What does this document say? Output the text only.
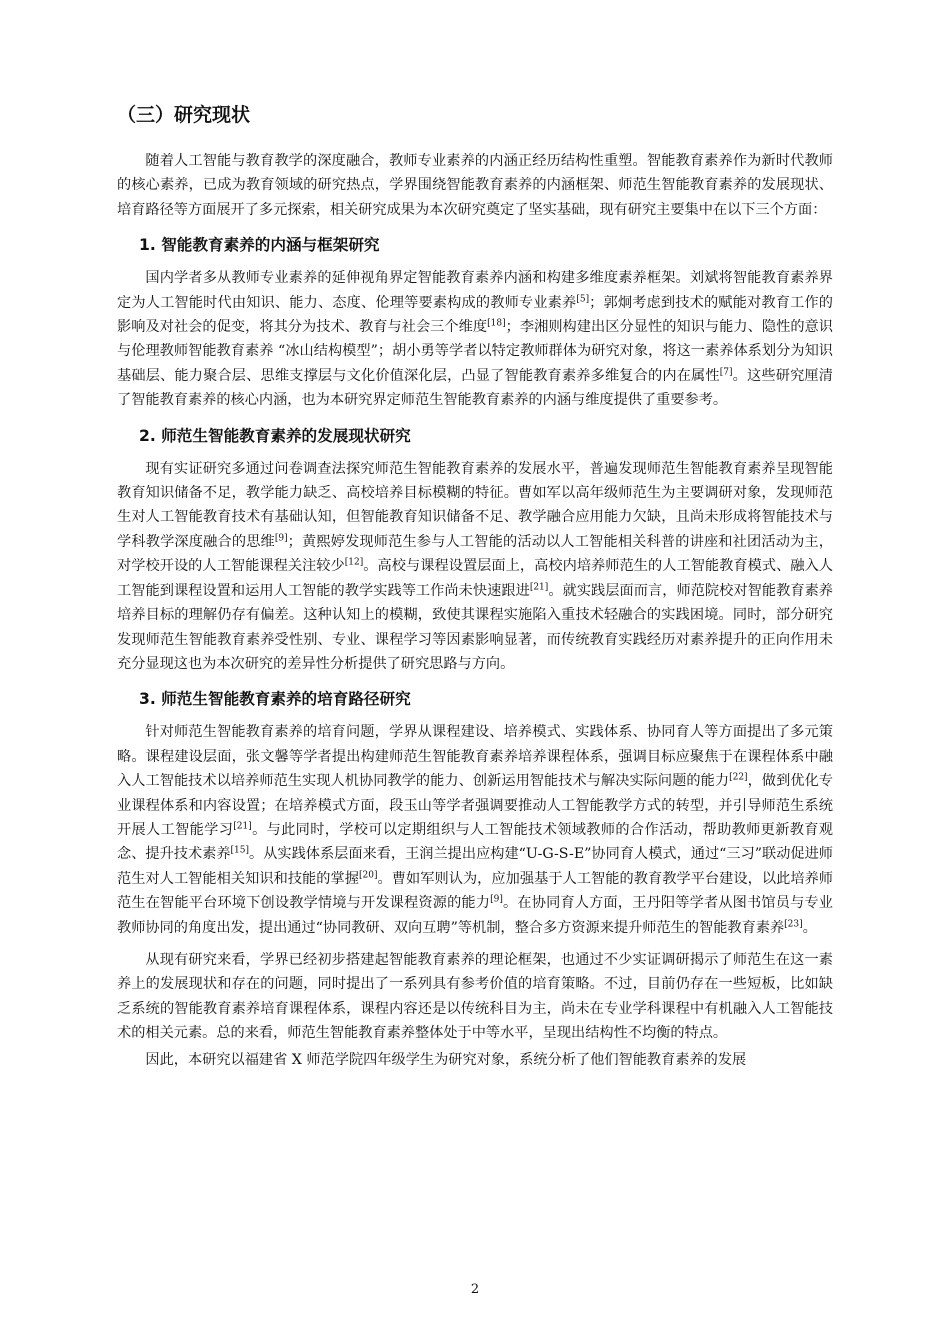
（三）研究现状

随着人工智能与教育教学的深度融合，教师专业素养的内涵正经历结构性重塑。智能教育素养作为新时代教师的核心素养，已成为教育领域的研究热点，学界围绕智能教育素养的内涵框架、师范生智能教育素养的发展现状、培育路径等方面展开了多元探索，相关研究成果为本次研究奠定了坚实基础，现有研究主要集中在以下三个方面：

1. 智能教育素养的内涵与框架研究

国内学者多从教师专业素养的延伸视角界定智能教育素养内涵和构建多维度素养框架。刘斌将智能教育素养界定为人工智能时代由知识、能力、态度、伦理等要素构成的教师专业素养[5]；郭炯考虑到技术的赋能对教育工作的影响及对社会的促变，将其分为技术、教育与社会三个维度[18]；李湘则构建出区分显性的知识与能力、隐性的意识与伦理教师智能教育素养 “冰山结构模型”；胡小勇等学者以特定教师群体为研究对象，将这一素养体系划分为知识基础层、能力聚合层、思维支撑层与文化价值深化层，凸显了智能教育素养多维复合的内在属性[7]。这些研究厘清了智能教育素养的核心内涵，也为本研究界定师范生智能教育素养的内涵与维度提供了重要参考。

2. 师范生智能教育素养的发展现状研究

现有实证研究多通过问卷调查法探究师范生智能教育素养的发展水平，普遍发现师范生智能教育素养呈现智能教育知识储备不足，教学能力缺乏、高校培养目标模糊的特征。曹如军以高年级师范生为主要调研对象，发现师范生对人工智能教育技术有基础认知，但智能教育知识储备不足、教学融合应用能力欠缺，且尚未形成将智能技术与学科教学深度融合的思维[9]；黄熙婷发现师范生参与人工智能的活动以人工智能相关科普的讲座和社团活动为主，对学校开设的人工智能课程关注较少[12]。高校与课程设置层面上，高校内培养师范生的人工智能教育模式、融入人工智能到课程设置和运用人工智能的教学实践等工作尚未快速跟进[21]。就实践层面而言，师范院校对智能教育素养培养目标的理解仍存有偏差。这种认知上的模糊，致使其课程实施陷入重技术轻融合的实践困境。同时，部分研究发现师范生智能教育素养受性别、专业、课程学习等因素影响显著，而传统教育实践经历对素养提升的正向作用未充分显现这也为本次研究的差异性分析提供了研究思路与方向。

3. 师范生智能教育素养的培育路径研究

针对师范生智能教育素养的培育问题，学界从课程建设、培养模式、实践体系、协同育人等方面提出了多元策略。课程建设层面，张文馨等学者提出构建师范生智能教育素养培养课程体系，强调目标应聚焦于在课程体系中融入人工智能技术以培养师范生实现人机协同教学的能力、创新运用智能技术与解决实际问题的能力[22]，做到优化专业课程体系和内容设置；在培养模式方面，段玉山等学者强调要推动人工智能教学方式的转型，并引导师范生系统开展人工智能学习[21]。与此同时，学校可以定期组织与人工智能技术领域教师的合作活动，帮助教师更新教育观念、提升技术素养[15]。从实践体系层面来看，王润兰提出应构建“U-G-S-E”协同育人模式，通过“三习”联动促进师范生对人工智能相关知识和技能的掌握[20]。曹如军则认为，应加强基于人工智能的教育教学平台建设，以此培养师范生在智能平台环境下创设教学情境与开发课程资源的能力[9]。在协同育人方面，王丹阳等学者从图书馆员与专业教师协同的角度出发，提出通过“协同教研、双向互聘”等机制，整合多方资源来提升师范生的智能教育素养[23]。

从现有研究来看，学界已经初步搭建起智能教育素养的理论框架，也通过不少实证调研揭示了师范生在这一素养上的发展现状和存在的问题，同时提出了一系列具有参考价值的培育策略。不过，目前仍存在一些短板，比如缺乏系统的智能教育素养培育课程体系，课程内容还是以传统科目为主，尚未在专业学科课程中有机融入人工智能技术的相关元素。总的来看，师范生智能教育素养整体处于中等水平，呈现出结构性不均衡的特点。

因此，本研究以福建省 X 师范学院四年级学生为研究对象，系统分析了他们智能教育素养的发展

2
